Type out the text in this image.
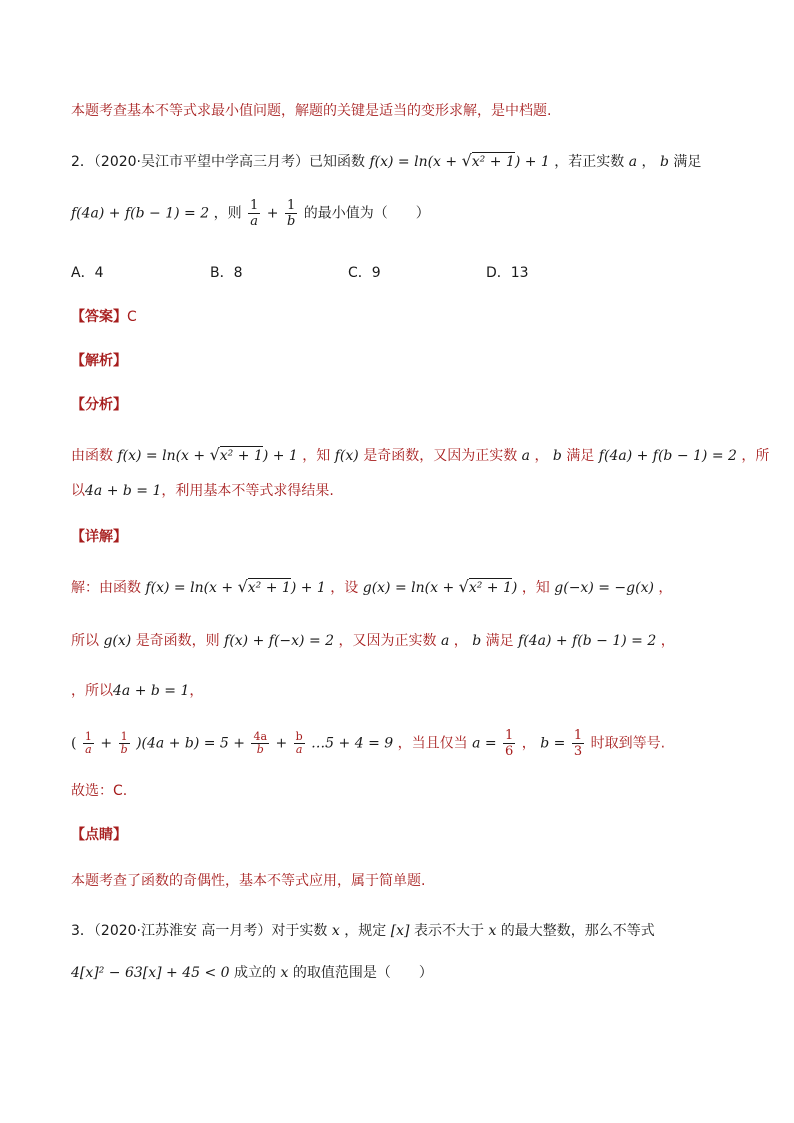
本题考查基本不等式求最小值问题，解题的关键是适当的变形求解，是中档题.
2．（2020·吴江市平望中学高三月考）已知函数 f(x) = ln(x + √x² + 1) + 1 ，若正实数 a ， b 满足
f(4a) + f(b − 1) = 2 ，则 $\frac{1}{a} + \frac{1}{b}$ 的最小值为（　　）
A．4	B．8	C．9	D．13
【答案】C
【解析】
【分析】
由函数 f(x) = ln(x + √x² + 1) + 1 ，知 f(x) 是奇函数，又因为正实数 a ， b 满足 f(4a) + f(b − 1) = 2 ，所
以4a + b = 1，利用基本不等式求得结果.
【详解】
解：由函数 f(x) = ln(x + √x² + 1) + 1 ，设 g(x) = ln(x + √x² + 1) ，知 g(−x) = −g(x) ，
所以 g(x) 是奇函数，则 f(x) + f(−x) = 2 ，又因为正实数 a ， b 满足 f(4a) + f(b − 1) = 2 ，
，所以4a + b = 1，
( $\frac{1}{a} + \frac{1}{b} )(4a + b) = 5 + \frac{4a}{b} + \frac{b}{a}$ …5 + 4 = 9 ，当且仅当 $a = \frac{1}{6}$ ， $b = \frac{1}{3}$ 时取到等号.
故选：C.
【点睛】
本题考查了函数的奇偶性，基本不等式应用，属于简单题.
3．（2020·江苏淮安 高一月考）对于实数 x ，规定 [x] 表示不大于 x 的最大整数，那么不等式
4[x]² − 63[x] + 45 < 0 成立的 x 的取值范围是（　　）
